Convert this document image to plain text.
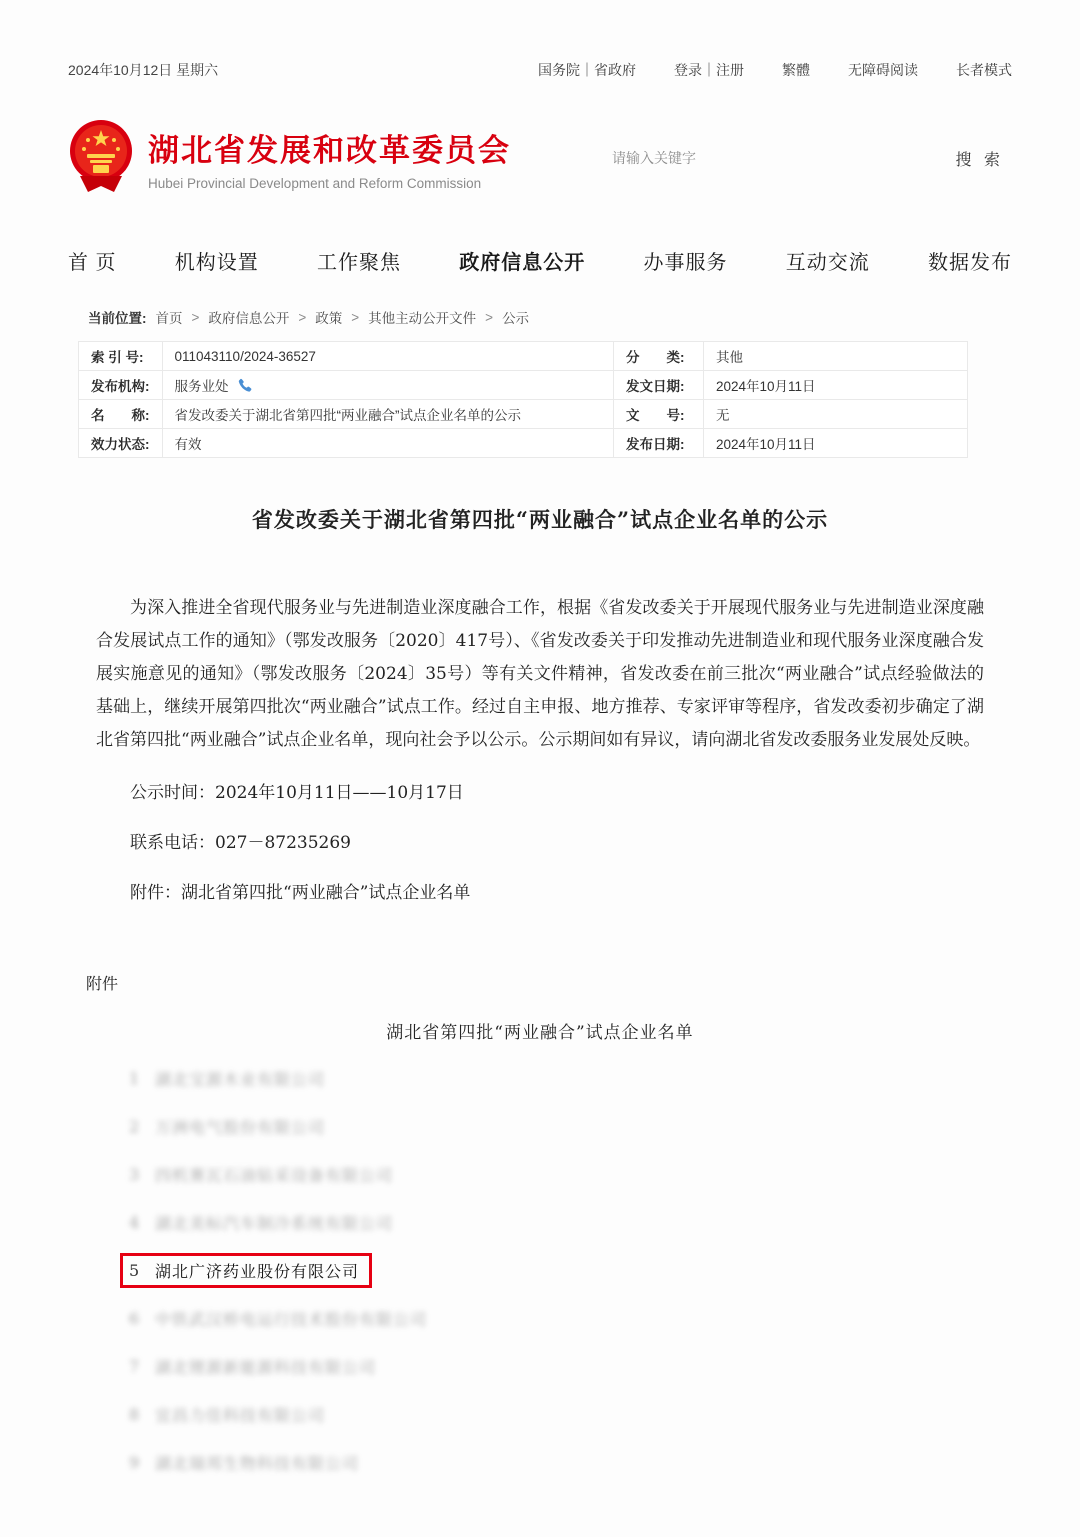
2024年10月12日 星期六	国务院｜省政府	登录｜注册	繁體	无障碍阅读	长者模式
湖北省发展和改革委员会
Hubei Provincial Development and Reform Commission
请输入关键字
搜 索
首 页	机构设置	工作聚焦	政府信息公开	办事服务	互动交流	数据发布
当前位置: 首页 > 政府信息公开 > 政策 > 其他主动公开文件 > 公示
索 引 号:	011043110/2024-36527	分　　类:	其他
发布机构:	服务业处	发文日期:	2024年10月11日
名　　称:	省发改委关于湖北省第四批“两业融合”试点企业名单的公示	文　　号:	无
效力状态:	有效	发布日期:	2024年10月11日
省发改委关于湖北省第四批“两业融合”试点企业名单的公示
为深入推进全省现代服务业与先进制造业深度融合工作，根据《省发改委关于开展现代服务业与先进制造业深度融合发展试点工作的通知》（鄂发改服务〔2020〕417号）、《省发改委关于印发推动先进制造业和现代服务业深度融合发展实施意见的通知》（鄂发改服务〔2024〕35号）等有关文件精神，省发改委在前三批次“两业融合”试点经验做法的基础上，继续开展第四批次“两业融合”试点工作。经过自主申报、地方推荐、专家评审等程序，省发改委初步确定了湖北省第四批“两业融合”试点企业名单，现向社会予以公示。公示期间如有异议，请向湖北省发改委服务业发展处反映。
公示时间：2024年10月11日——10月17日
联系电话：027－87235269
附件：湖北省第四批“两业融合”试点企业名单
附件
湖北省第四批“两业融合”试点企业名单
1 湖北宝源木业有限公司
2 万洲电气股份有限公司
3 四机赛瓦石油钻采设备有限公司
4 湖北美标汽车制冷系统有限公司
5 湖北广济药业股份有限公司
6 中铁武汉桥电运行技术股份有限公司
7 湖北锂源新能源科技有限公司
8 宜昌力佳科技有限公司
9 湖北瑞邦生物科技有限公司
